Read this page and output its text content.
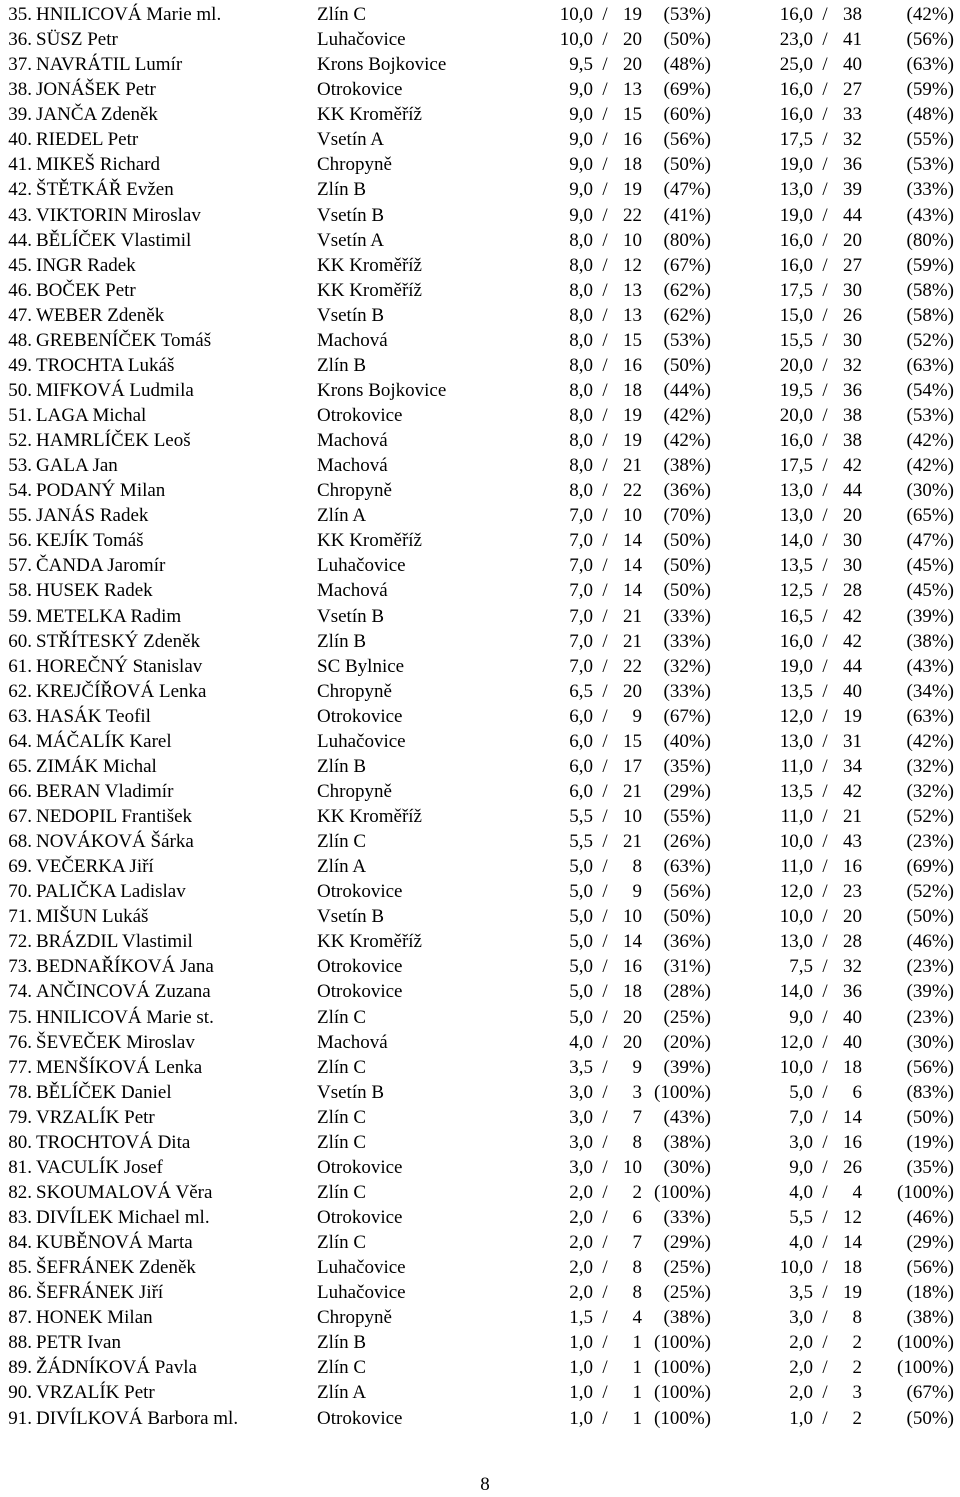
35. HNILICOVÁ Marie ml.	Zlín C	10,0 / 19	(53%)	16,0 / 38	(42%)
36. SÜSZ Petr	Luhačovice	10,0 / 20	(50%)	23,0 / 41	(56%)
37. NAVRÁTIL Lumír	Krons Bojkovice	9,5 / 20	(48%)	25,0 / 40	(63%)
38. JONÁŠEK Petr	Otrokovice	9,0 / 13	(69%)	16,0 / 27	(59%)
39. JANČA Zdeněk	KK Kroměříž	9,0 / 15	(60%)	16,0 / 33	(48%)
40. RIEDEL Petr	Vsetín A	9,0 / 16	(56%)	17,5 / 32	(55%)
41. MIKEŠ Richard	Chropyně	9,0 / 18	(50%)	19,0 / 36	(53%)
42. ŠTĚTKÁŘ Evžen	Zlín B	9,0 / 19	(47%)	13,0 / 39	(33%)
43. VIKTORIN Miroslav	Vsetín B	9,0 / 22	(41%)	19,0 / 44	(43%)
44. BĚLÍČEK Vlastimil	Vsetín A	8,0 / 10	(80%)	16,0 / 20	(80%)
45. INGR Radek	KK Kroměříž	8,0 / 12	(67%)	16,0 / 27	(59%)
46. BOČEK Petr	KK Kroměříž	8,0 / 13	(62%)	17,5 / 30	(58%)
47. WEBER Zdeněk	Vsetín B	8,0 / 13	(62%)	15,0 / 26	(58%)
48. GREBENÍČEK Tomáš	Machová	8,0 / 15	(53%)	15,5 / 30	(52%)
49. TROCHTA Lukáš	Zlín B	8,0 / 16	(50%)	20,0 / 32	(63%)
50. MIFKOVÁ Ludmila	Krons Bojkovice	8,0 / 18	(44%)	19,5 / 36	(54%)
51. LAGA Michal	Otrokovice	8,0 / 19	(42%)	20,0 / 38	(53%)
52. HAMRLÍČEK Leoš	Machová	8,0 / 19	(42%)	16,0 / 38	(42%)
53. GALA Jan	Machová	8,0 / 21	(38%)	17,5 / 42	(42%)
54. PODANÝ Milan	Chropyně	8,0 / 22	(36%)	13,0 / 44	(30%)
55. JANÁS Radek	Zlín A	7,0 / 10	(70%)	13,0 / 20	(65%)
56. KEJÍK Tomáš	KK Kroměříž	7,0 / 14	(50%)	14,0 / 30	(47%)
57. ČANDA Jaromír	Luhačovice	7,0 / 14	(50%)	13,5 / 30	(45%)
58. HUSEK Radek	Machová	7,0 / 14	(50%)	12,5 / 28	(45%)
59. METELKA Radim	Vsetín B	7,0 / 21	(33%)	16,5 / 42	(39%)
60. STŘÍTESKÝ Zdeněk	Zlín B	7,0 / 21	(33%)	16,0 / 42	(38%)
61. HOREČNÝ Stanislav	SC Bylnice	7,0 / 22	(32%)	19,0 / 44	(43%)
62. KREJČÍŘOVÁ Lenka	Chropyně	6,5 / 20	(33%)	13,5 / 40	(34%)
63. HASÁK Teofil	Otrokovice	6,0 /	9	(67%)	12,0 / 19	(63%)
64. MÁČALÍK Karel	Luhačovice	6,0 / 15	(40%)	13,0 / 31	(42%)
65. ZIMÁK Michal	Zlín B	6,0 / 17	(35%)	11,0 / 34	(32%)
66. BERAN Vladimír	Chropyně	6,0 / 21	(29%)	13,5 / 42	(32%)
67. NEDOPIL František	KK Kroměříž	5,5 / 10	(55%)	11,0 / 21	(52%)
68. NOVÁKOVÁ Šárka	Zlín C	5,5 / 21	(26%)	10,0 / 43	(23%)
69. VEČERKA Jiří	Zlín A	5,0 /	8	(63%)	11,0 / 16	(69%)
70. PALIČKA Ladislav	Otrokovice	5,0 /	9	(56%)	12,0 / 23	(52%)
71. MIŠUN Lukáš	Vsetín B	5,0 / 10	(50%)	10,0 / 20	(50%)
72. BRÁZDIL Vlastimil	KK Kroměříž	5,0 / 14	(36%)	13,0 / 28	(46%)
73. BEDNAŘÍKOVÁ Jana	Otrokovice	5,0 / 16	(31%)	7,5 / 32	(23%)
74. ANČINCOVÁ Zuzana	Otrokovice	5,0 / 18	(28%)	14,0 / 36	(39%)
75. HNILICOVÁ Marie st.	Zlín C	5,0 / 20	(25%)	9,0 / 40	(23%)
76. ŠEVEČEK Miroslav	Machová	4,0 / 20	(20%)	12,0 / 40	(30%)
77. MENŠÍKOVÁ Lenka	Zlín C	3,5 /	9	(39%)	10,0 / 18	(56%)
78. BĚLÍČEK Daniel	Vsetín B	3,0 /	3 (100%)	5,0 /	6	(83%)
79. VRZALÍK Petr	Zlín C	3,0 /	7	(43%)	7,0 / 14	(50%)
80. TROCHTOVÁ Dita	Zlín C	3,0 /	8	(38%)	3,0 / 16	(19%)
81. VACULÍK Josef	Otrokovice	3,0 / 10	(30%)	9,0 / 26	(35%)
82. SKOUMALOVÁ Věra	Zlín C	2,0 /	2 (100%)	4,0 /	4	(100%)
83. DIVÍLEK Michael ml.	Otrokovice	2,0 /	6	(33%)	5,5 / 12	(46%)
84. KUBĚNOVÁ Marta	Zlín C	2,0 /	7	(29%)	4,0 / 14	(29%)
85. ŠEFRÁNEK Zdeněk	Luhačovice	2,0 /	8	(25%)	10,0 / 18	(56%)
86. ŠEFRÁNEK Jiří	Luhačovice	2,0 /	8	(25%)	3,5 / 19	(18%)
87. HONEK Milan	Chropyně	1,5 /	4	(38%)	3,0 /	8	(38%)
88. PETR Ivan	Zlín B	1,0 /	1 (100%)	2,0 /	2	(100%)
89. ŽÁDNÍKOVÁ Pavla	Zlín C	1,0 /	1 (100%)	2,0 /	2	(100%)
90. VRZALÍK Petr	Zlín A	1,0 /	1 (100%)	2,0 /	3	(67%)
91. DIVÍLKOVÁ Barbora ml.	Otrokovice	1,0 /	1 (100%)	1,0 /	2	(50%)
8
